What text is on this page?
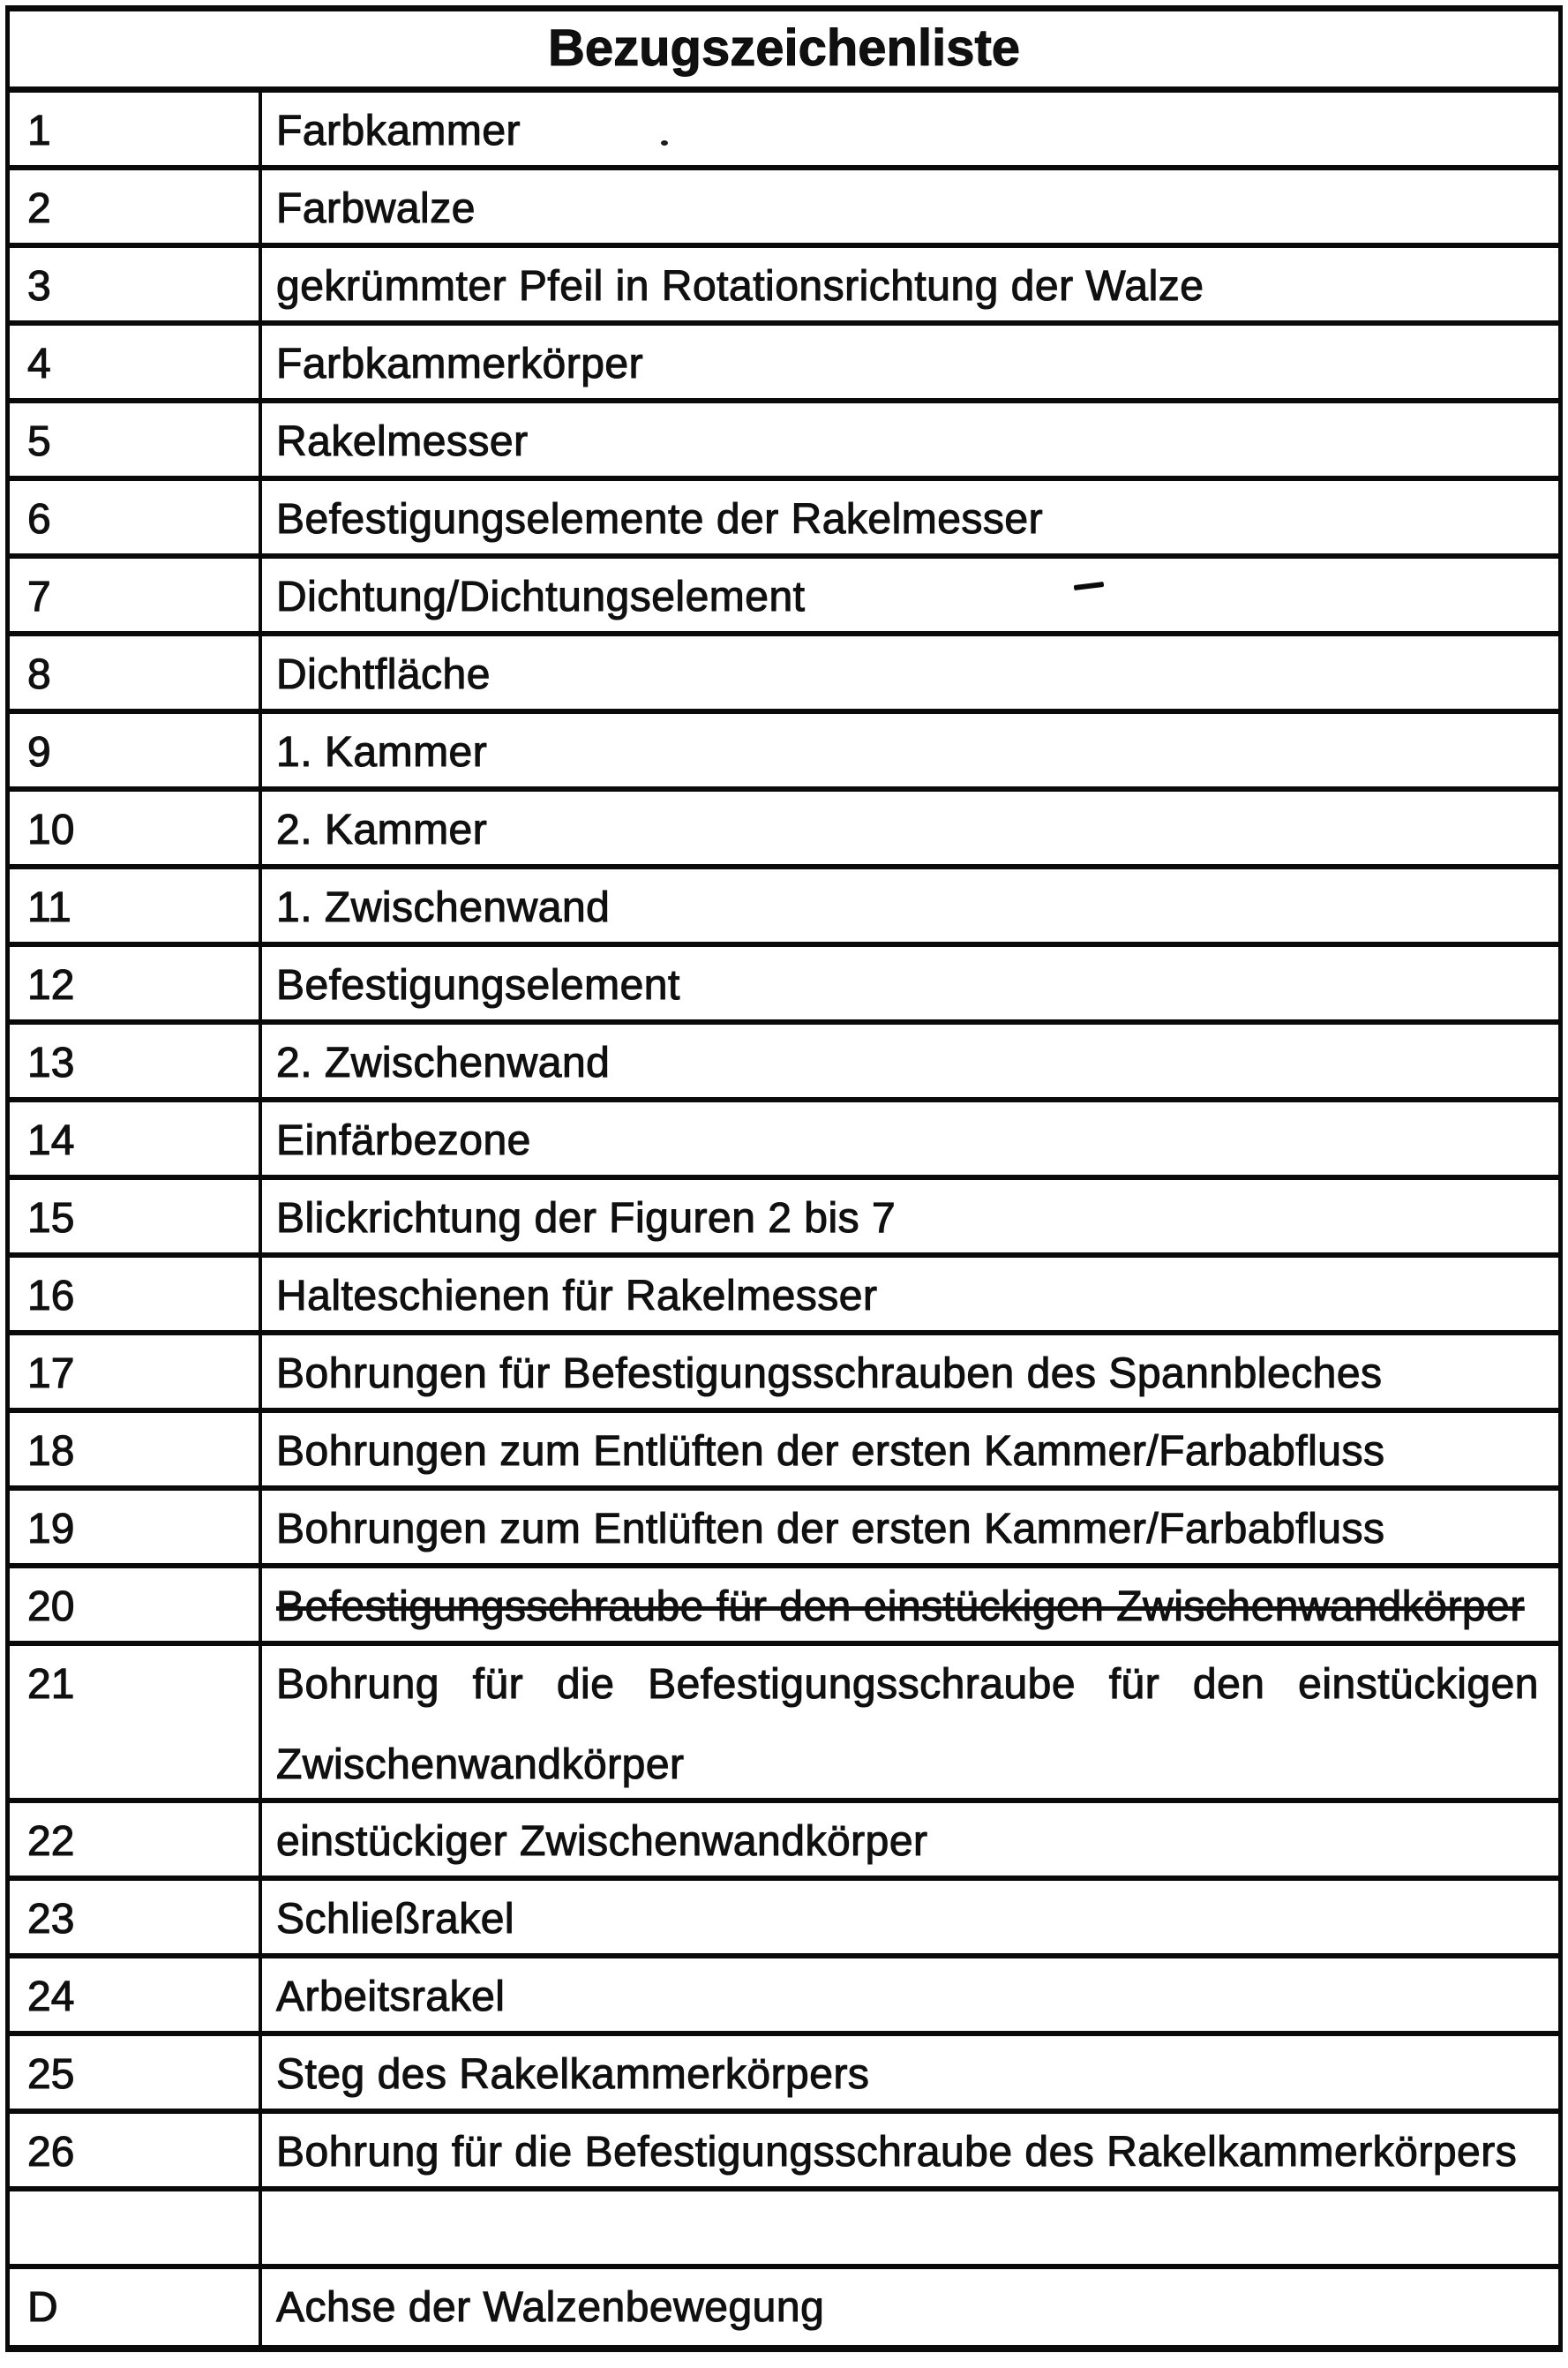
Bezugszeichenliste
1	Farbkammer
2	Farbwalze
3	gekrümmter Pfeil in Rotationsrichtung der Walze
4	Farbkammerkörper
5	Rakelmesser
6	Befestigungselemente der Rakelmesser
7	Dichtung/Dichtungselement
8	Dichtfläche
9	1. Kammer
10	2. Kammer
11	1. Zwischenwand
12	Befestigungselement
13	2. Zwischenwand
14	Einfärbezone
15	Blickrichtung der Figuren 2 bis 7
16	Halteschienen für Rakelmesser
17	Bohrungen für Befestigungsschrauben des Spannbleches
18	Bohrungen zum Entlüften der ersten Kammer/Farbabfluss
19	Bohrungen zum Entlüften der ersten Kammer/Farbabfluss
20	Befestigungsschraube für den einstückigen Zwischenwandkörper
21	Bohrung für die Befestigungsschraube für den einstückigen
Zwischenwandkörper
22	einstückiger Zwischenwandkörper
23	Schließrakel
24	Arbeitsrakel
25	Steg des Rakelkammerkörpers
26	Bohrung für die Befestigungsschraube des Rakelkammerkörpers
D	Achse der Walzenbewegung
